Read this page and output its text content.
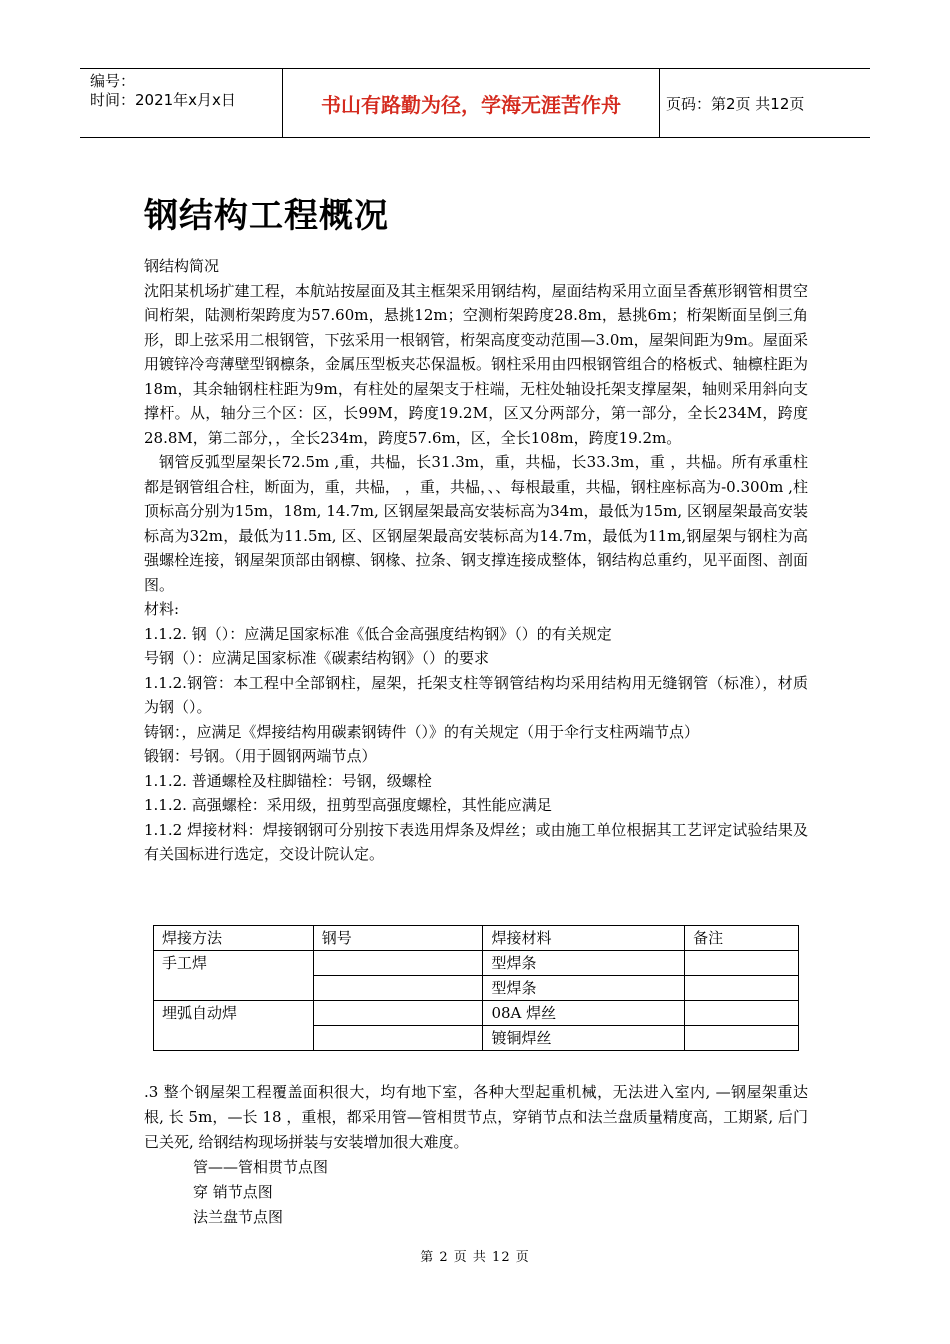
编号：
时间：2021年x月x日	书山有路勤为径，学海无涯苦作舟	页码：第2页 共12页
钢结构工程概况

钢结构简况

沈阳某机场扩建工程，本航站按屋面及其主框架采用钢结构，屋面结构采用立面呈香蕉形钢管相贯空间桁架，陆测桁架跨度为57.60m，悬挑12m；空测桁架跨度28.8m，悬挑6m；桁架断面呈倒三角形，即上弦采用二根钢管，下弦采用一根钢管，桁架高度变动范围—3.0m，屋架间距为9m。屋面采用镀锌冷弯薄壁型钢檩条，金属压型板夹芯保温板。钢柱采用由四根钢管组合的格板式、轴檩柱距为18m，其余轴钢柱柱距为9m，有柱处的屋架支于柱端，无柱处轴设托架支撑屋架，轴则采用斜向支撑杆。从，轴分三个区：区，长99M，跨度19.2M，区又分两部分，第一部分，全长234M，跨度28.8M，第二部分，，全长234m，跨度57.6m，区，全长108m，跨度19.2m。

钢管反弧型屋架长72.5m ,重，共榀，长31.3m，重，共榀，长33.3m，重 ，共榀。所有承重柱都是钢管组合柱，断面为，重，共榀， ，重，共榀，、、每根最重，共榀，钢柱座标高为-0.300m ,柱顶标高分别为15m，18m, 14.7m, 区钢屋架最高安装标高为34m，最低为15m, 区钢屋架最高安装标高为32m，最低为11.5m, 区、区钢屋架最高安装标高为14.7m，最低为11m,钢屋架与钢柱为高强螺栓连接，钢屋架顶部由钢檩、钢椽、拉条、钢支撑连接成整体，钢结构总重约，见平面图、剖面图。

材料:

1.1.2. 钢（）：应满足国家标准《低合金高强度结构钢》（）的有关规定

号钢（）：应满足国家标准《碳素结构钢》（）的要求

1.1.2.钢管：本工程中全部钢柱，屋架，托架支柱等钢管结构均采用结构用无缝钢管（标准），材质为钢（）。

铸钢：，应满足《焊接结构用碳素钢铸件（）》的有关规定（用于伞行支柱两端节点）

锻钢：号钢。（用于圆钢两端节点）

1.1.2. 普通螺栓及柱脚锚栓：号钢，级螺栓

1.1.2. 高强螺栓：采用级，扭剪型高强度螺栓，其性能应满足

1.1.2 焊接材料：焊接钢钢可分别按下表选用焊条及焊丝；或由施工单位根据其工艺评定试验结果及有关国标进行选定，交设计院认定。

焊接方法	钢号	焊接材料	备注
手工焊		型焊条	
		型焊条	
埋弧自动焊		08A 焊丝	
		镀铜焊丝	

.3 整个钢屋架工程覆盖面积很大，均有地下室，各种大型起重机械，无法进入室内, —钢屋架重达 根, 长 5m，—长 18 ，重根，都采用管—管相贯节点，穿销节点和法兰盘质量精度高，工期紧, 后门已关死, 给钢结构现场拼装与安装增加很大难度。

管——管相贯节点图
穿 销节点图
法兰盘节点图
第 2 页 共 12 页
